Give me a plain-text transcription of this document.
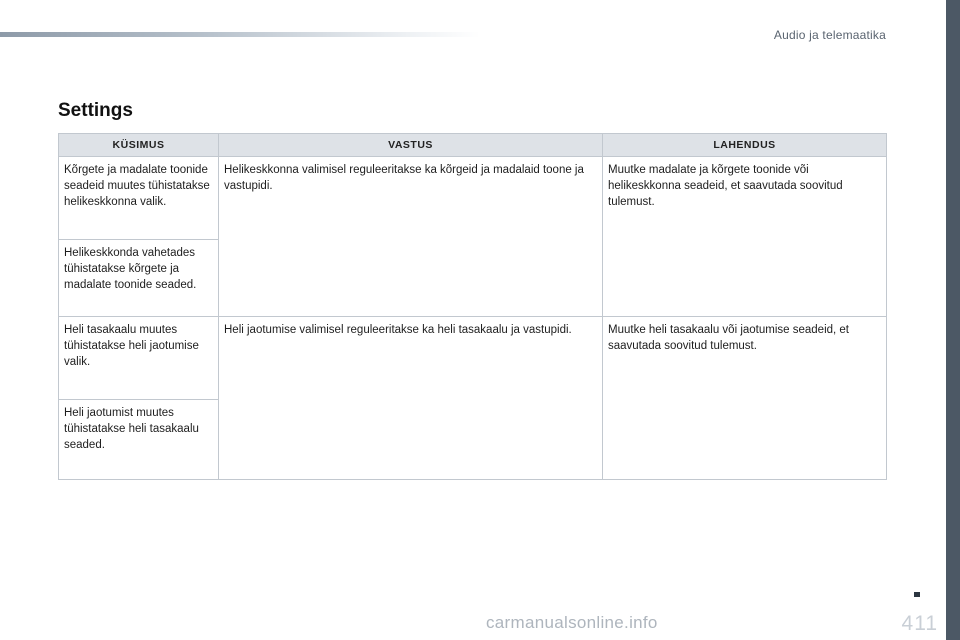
Audio ja telemaatika
Settings
KÜSIMUS	VASTUS	LAHENDUS
Kõrgete ja madalate toonide seadeid muutes tühistatakse helikeskkonna valik.	Helikeskkonna valimisel reguleeritakse ka kõrgeid ja madalaid toone ja vastupidi.	Muutke madalate ja kõrgete toonide või helikeskkonna seadeid, et saavutada soovitud tulemust.
Helikeskkonda vahetades tühistatakse kõrgete ja madalate toonide seaded.		
Heli tasakaalu muutes tühistatakse heli jaotumise valik.	Heli jaotumise valimisel reguleeritakse ka heli tasakaalu ja vastupidi.	Muutke heli tasakaalu või jaotumise seadeid, et saavutada soovitud tulemust.
Heli jaotumist muutes tühistatakse heli tasakaalu seaded.		
411
carmanualsonline.info
